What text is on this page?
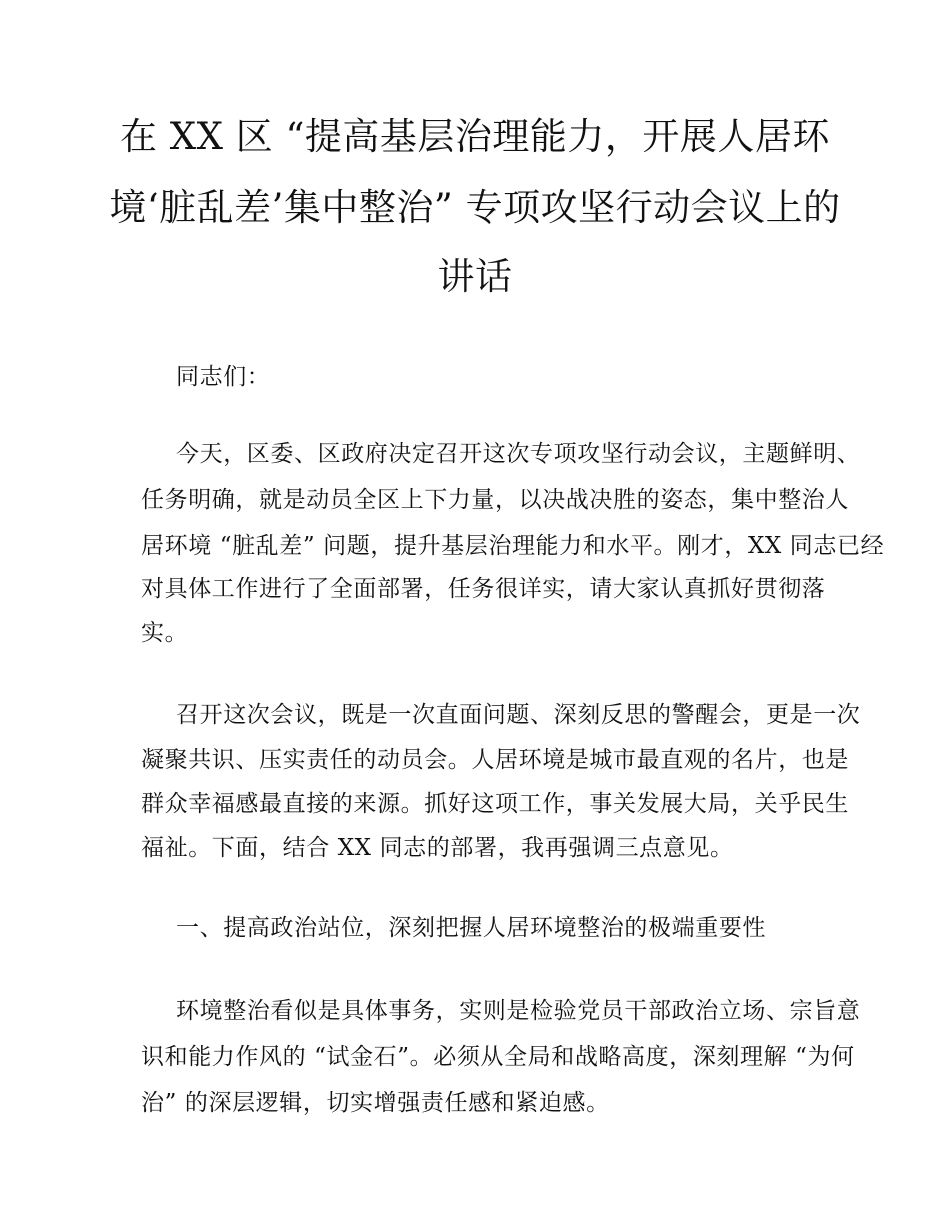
在 XX 区 “提高基层治理能力，开展人居环
境‘脏乱差’集中整治” 专项攻坚行动会议上的
讲话
同志们：
今天，区委、区政府决定召开这次专项攻坚行动会议，主题鲜明、
任务明确，就是动员全区上下力量，以决战决胜的姿态，集中整治人
居环境 “脏乱差” 问题，提升基层治理能力和水平。刚才，XX 同志已经
对具体工作进行了全面部署，任务很详实，请大家认真抓好贯彻落
实。
召开这次会议，既是一次直面问题、深刻反思的警醒会，更是一次
凝聚共识、压实责任的动员会。人居环境是城市最直观的名片，也是
群众幸福感最直接的来源。抓好这项工作，事关发展大局，关乎民生
福祉。下面，结合 XX 同志的部署，我再强调三点意见。
一、提高政治站位，深刻把握人居环境整治的极端重要性
环境整治看似是具体事务，实则是检验党员干部政治立场、宗旨意
识和能力作风的 “试金石”。必须从全局和战略高度，深刻理解 “为何
治” 的深层逻辑，切实增强责任感和紧迫感。
